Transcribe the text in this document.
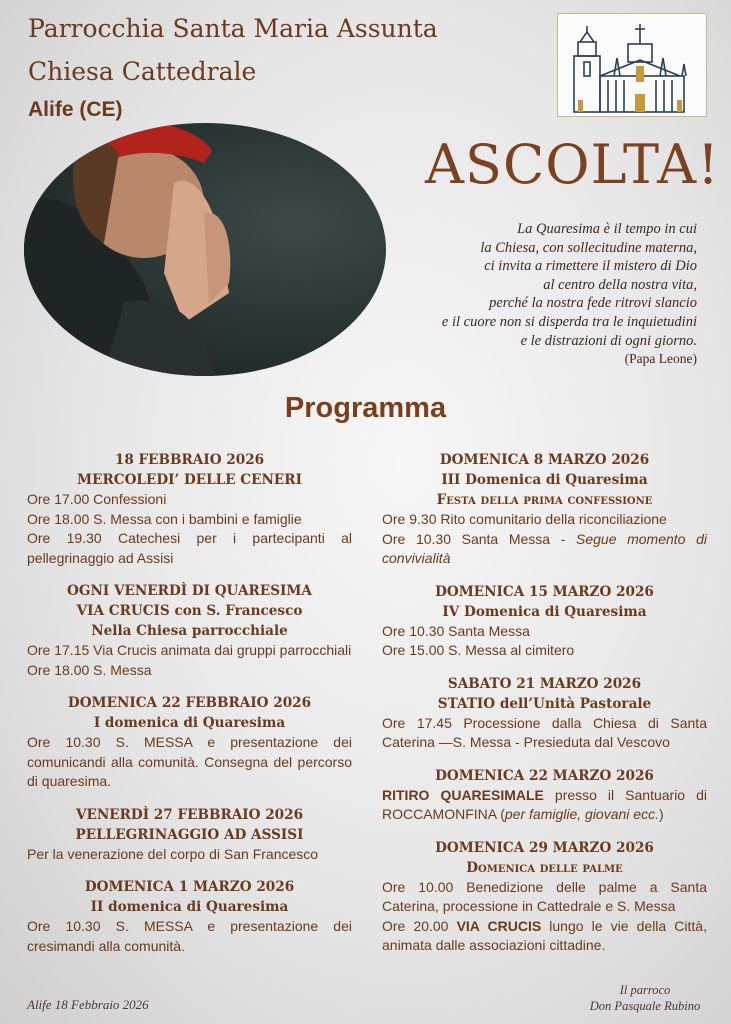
Parrocchia Santa Maria Assunta
Chiesa Cattedrale
Alife (CE)
ASCOLTA!
La Quaresima è il tempo in cui
la Chiesa, con sollecitudine materna,
ci invita a rimettere il mistero di Dio
al centro della nostra vita,
perché la nostra fede ritrovi slancio
e il cuore non si disperda tra le inquietudini
e le distrazioni di ogni giorno.
(Papa Leone)
Programma
18 FEBBRAIO 2026
MERCOLEDI’ DELLE CENERI
Ore 17.00 Confessioni
Ore 18.00 S. Messa con i bambini e famiglie
Ore 19.30 Catechesi per i partecipanti al pellegrinaggio ad Assisi
OGNI VENERDÌ DI QUARESIMA
VIA CRUCIS con S. Francesco
Nella Chiesa parrocchiale
Ore 17.15 Via Crucis animata dai gruppi parrocchiali
Ore 18.00 S. Messa
DOMENICA 22 FEBBRAIO 2026
I domenica di Quaresima
Ore 10.30 S. MESSA e presentazione dei comunicandi alla comunità. Consegna del percorso di quaresima.
VENERDÌ 27 FEBBRAIO 2026
PELLEGRINAGGIO AD ASSISI
Per la venerazione del corpo di San Francesco
DOMENICA 1 MARZO 2026
II domenica di Quaresima
Ore 10.30 S. MESSA e presentazione dei cresimandi alla comunità.
DOMENICA 8 MARZO 2026
III Domenica di Quaresima
Festa della prima confessione
Ore 9.30 Rito comunitario della riconciliazione
Ore 10.30 Santa Messa - Segue momento di convivialità
DOMENICA 15 MARZO 2026
IV Domenica di Quaresima
Ore 10.30 Santa Messa
Ore 15.00 S. Messa al cimitero
SABATO 21 MARZO 2026
STATIO dell’Unità Pastorale
Ore 17.45 Processione dalla Chiesa di Santa Caterina —S. Messa - Presieduta dal Vescovo
DOMENICA 22 MARZO 2026
RITIRO QUARESIMALE presso il Santuario di ROCCAMONFINA (per famiglie, giovani ecc.)
DOMENICA 29 MARZO 2026
Domenica delle palme
Ore 10.00 Benedizione delle palme a Santa Caterina, processione in Cattedrale e S. Messa
Ore 20.00 VIA CRUCIS lungo le vie della Città, animata dalle associazioni cittadine.
Alife 18 Febbraio 2026
Il parroco
Don Pasquale Rubino
